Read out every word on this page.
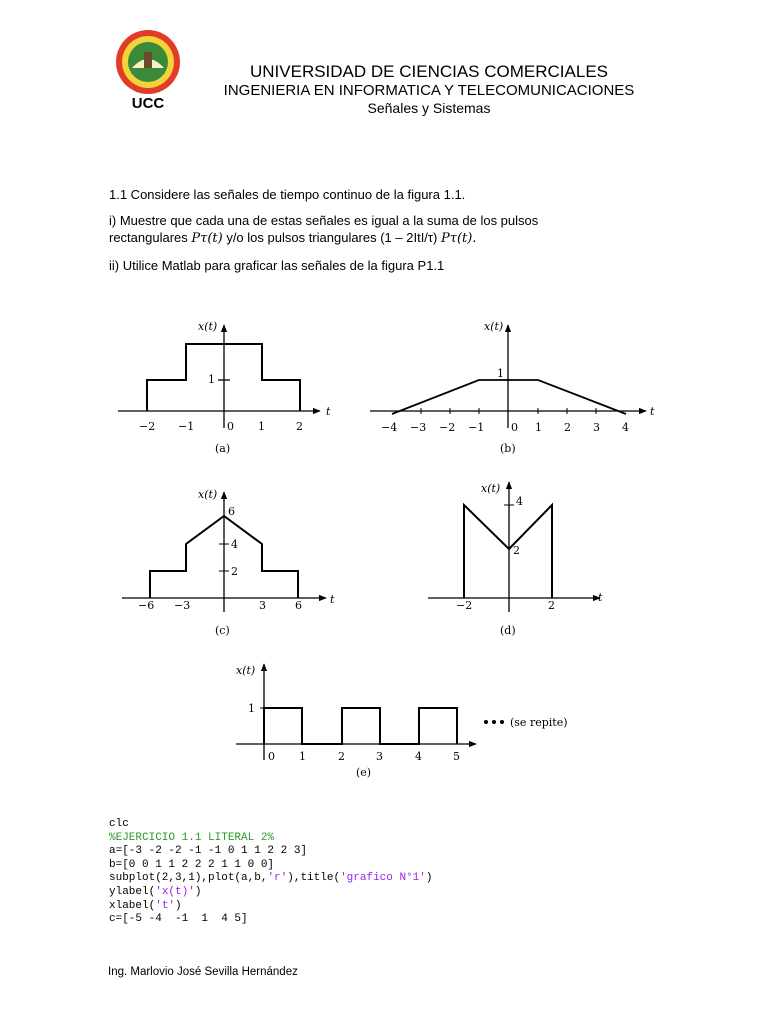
UCC
UNIVERSIDAD DE CIENCIAS COMERCIALES
INGENIERIA EN INFORMATICA Y TELECOMUNICACIONES
Señales y Sistemas
1.1 Considere las señales de tiempo continuo de la figura 1.1.
i) Muestre que cada una de estas señales es igual a la suma de los pulsos
rectangulares Pτ(t) y/o los pulsos triangulares (1 – 2ItI/τ) Pτ(t).
ii) Utilice Matlab para graficar las señales de la figura P1.1
x(t)
t
1
−2 −1	0 1	2
(a)
x(t)
t
1
−4 −3 −2 −1 0 1 2 3 4
(b)
x(t)
t
6
4
2
−6 −3	3	6
(c)
x(t)
t
4
2
−2	2
(d)
x(t)
1
0 1	2	3	4	5
(se repite)
(e)
clc
%EJERCICIO 1.1 LITERAL 2%
a=[-3 -2 -2 -1 -1 0 1 1 2 2 3]
b=[0 0 1 1 2 2 2 1 1 0 0]
subplot(2,3,1),plot(a,b,'r'),title('grafico N°1')
ylabel('x(t)')
xlabel('t')
c=[-5 -4  -1  1  4 5]
Ing. Marlovio José Sevilla Hernández
